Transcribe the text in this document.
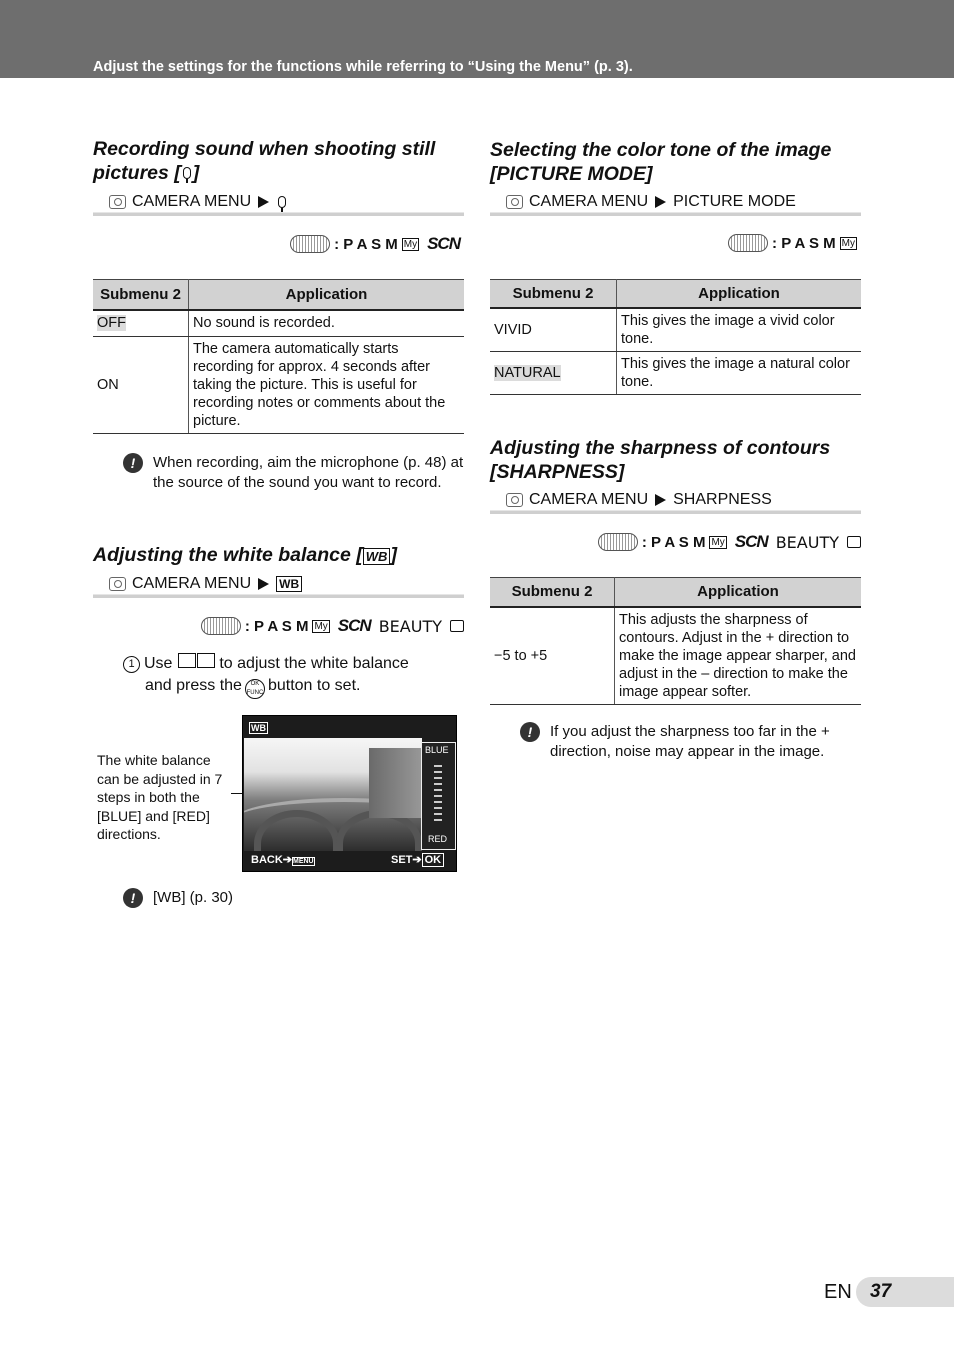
Adjust the settings for the functions while referring to “Using the Menu” (p. 3).
Recording sound when shooting still
pictures [ ]
CAMERA MENU
: P A S M My SCN
Submenu 2	Application
OFF	No sound is recorded.
ON	The camera automatically starts recording for approx. 4 seconds after taking the picture. This is useful for recording notes or comments about the picture.
!	When recording, aim the microphone (p. 48) at the source of the sound you want to record.
Adjusting the white balance [ WB ]
CAMERA MENU WB
: P A S M My SCN BEAUTY
1 Use	to adjust the white balance
and press the OK
FUNC button to set.
The white balance can be adjusted in 7 steps in both the [BLUE] and [RED] directions.
WB
BLUE
RED
BACK➔MENU	SET➔ OK
!	[WB] (p. 30)
Selecting the color tone of the image
[PICTURE MODE]
CAMERA MENU PICTURE MODE
: P A S M My
Submenu 2	Application
VIVID	This gives the image a vivid color tone.
NATURAL	This gives the image a natural color tone.
Adjusting the sharpness of contours
[SHARPNESS]
CAMERA MENU SHARPNESS
: P A S M My SCN BEAUTY
Submenu 2	Application
−5 to +5	This adjusts the sharpness of contours. Adjust in the + direction to make the image appear sharper, and adjust in the – direction to make the image appear softer.
!	If you adjust the sharpness too far in the + direction, noise may appear in the image.
EN 37
